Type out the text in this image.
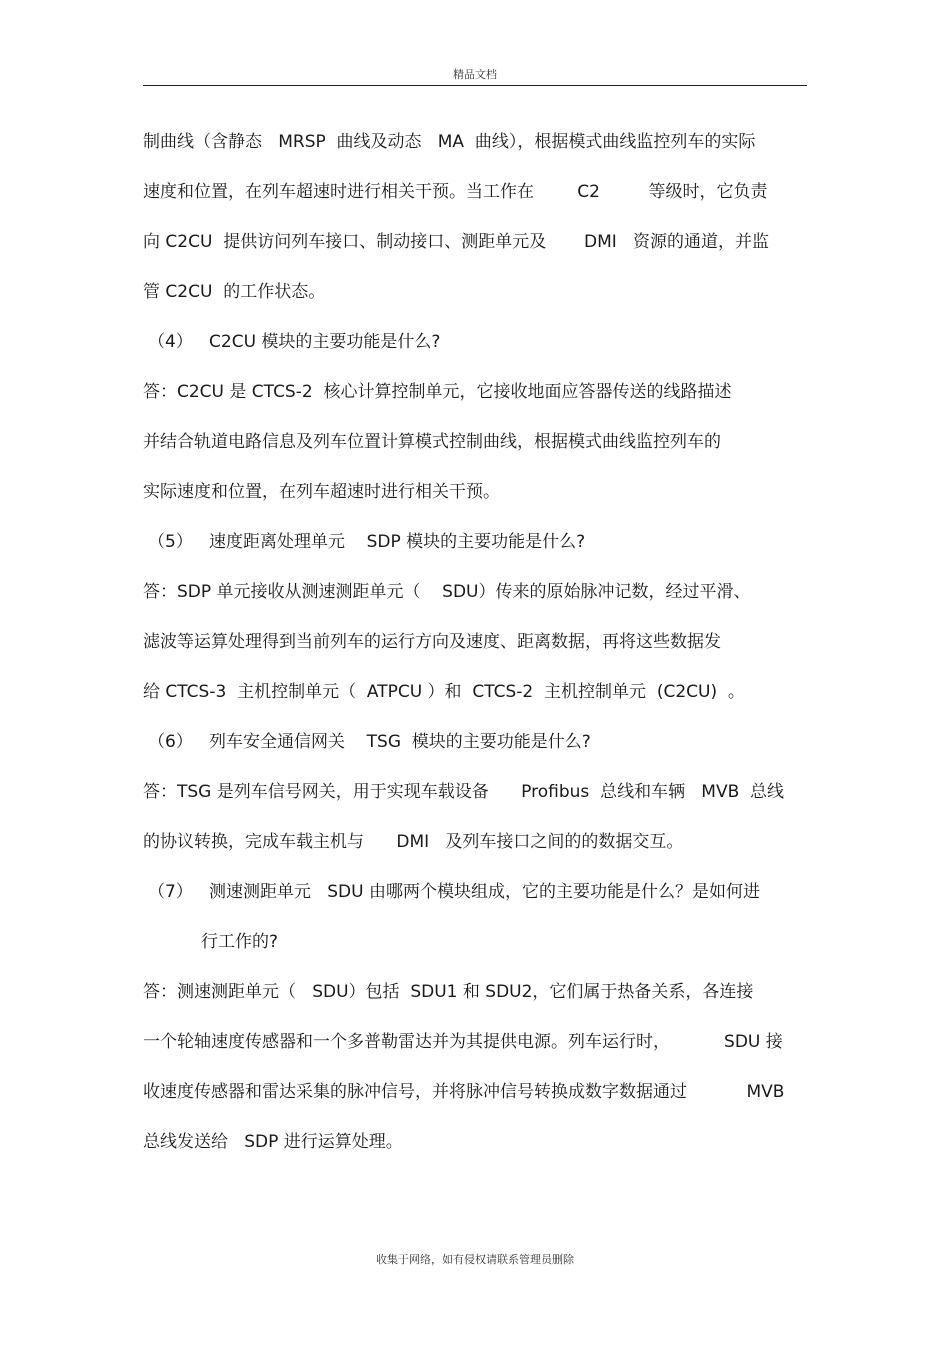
精品文档
制曲线（含静态   MRSP  曲线及动态   MA  曲线），根据模式曲线监控列车的实际
速度和位置，在列车超速时进行相关干预。当工作在        C2         等级时，它负责
向 C2CU  提供访问列车接口、制动接口、测距单元及       DMI   资源的通道，并监
管 C2CU  的工作状态。
（4）   C2CU 模块的主要功能是什么?
答：C2CU 是 CTCS-2  核心计算控制单元，它接收地面应答器传送的线路描述
并结合轨道电路信息及列车位置计算模式控制曲线，根据模式曲线监控列车的
实际速度和位置，在列车超速时进行相关干预。
（5）   速度距离处理单元    SDP 模块的主要功能是什么?
答：SDP 单元接收从测速测距单元（    SDU）传来的原始脉冲记数，经过平滑、
滤波等运算处理得到当前列车的运行方向及速度、距离数据，再将这些数据发
给 CTCS-3  主机控制单元（  ATPCU ）和  CTCS-2  主机控制单元  (C2CU)  。
（6）   列车安全通信网关    TSG  模块的主要功能是什么?
答：TSG 是列车信号网关，用于实现车载设备      Profibus  总线和车辆   MVB  总线
的协议转换，完成车载主机与      DMI   及列车接口之间的的数据交互。
（7）   测速测距单元   SDU 由哪两个模块组成，它的主要功能是什么？是如何进
行工作的?
答：测速测距单元（   SDU）包括  SDU1 和 SDU2，它们属于热备关系，各连接
一个轮轴速度传感器和一个多普勒雷达并为其提供电源。列车运行时，          SDU 接
收速度传感器和雷达采集的脉冲信号，并将脉冲信号转换成数字数据通过           MVB
总线发送给   SDP 进行运算处理。
收集于网络，如有侵权请联系管理员删除
